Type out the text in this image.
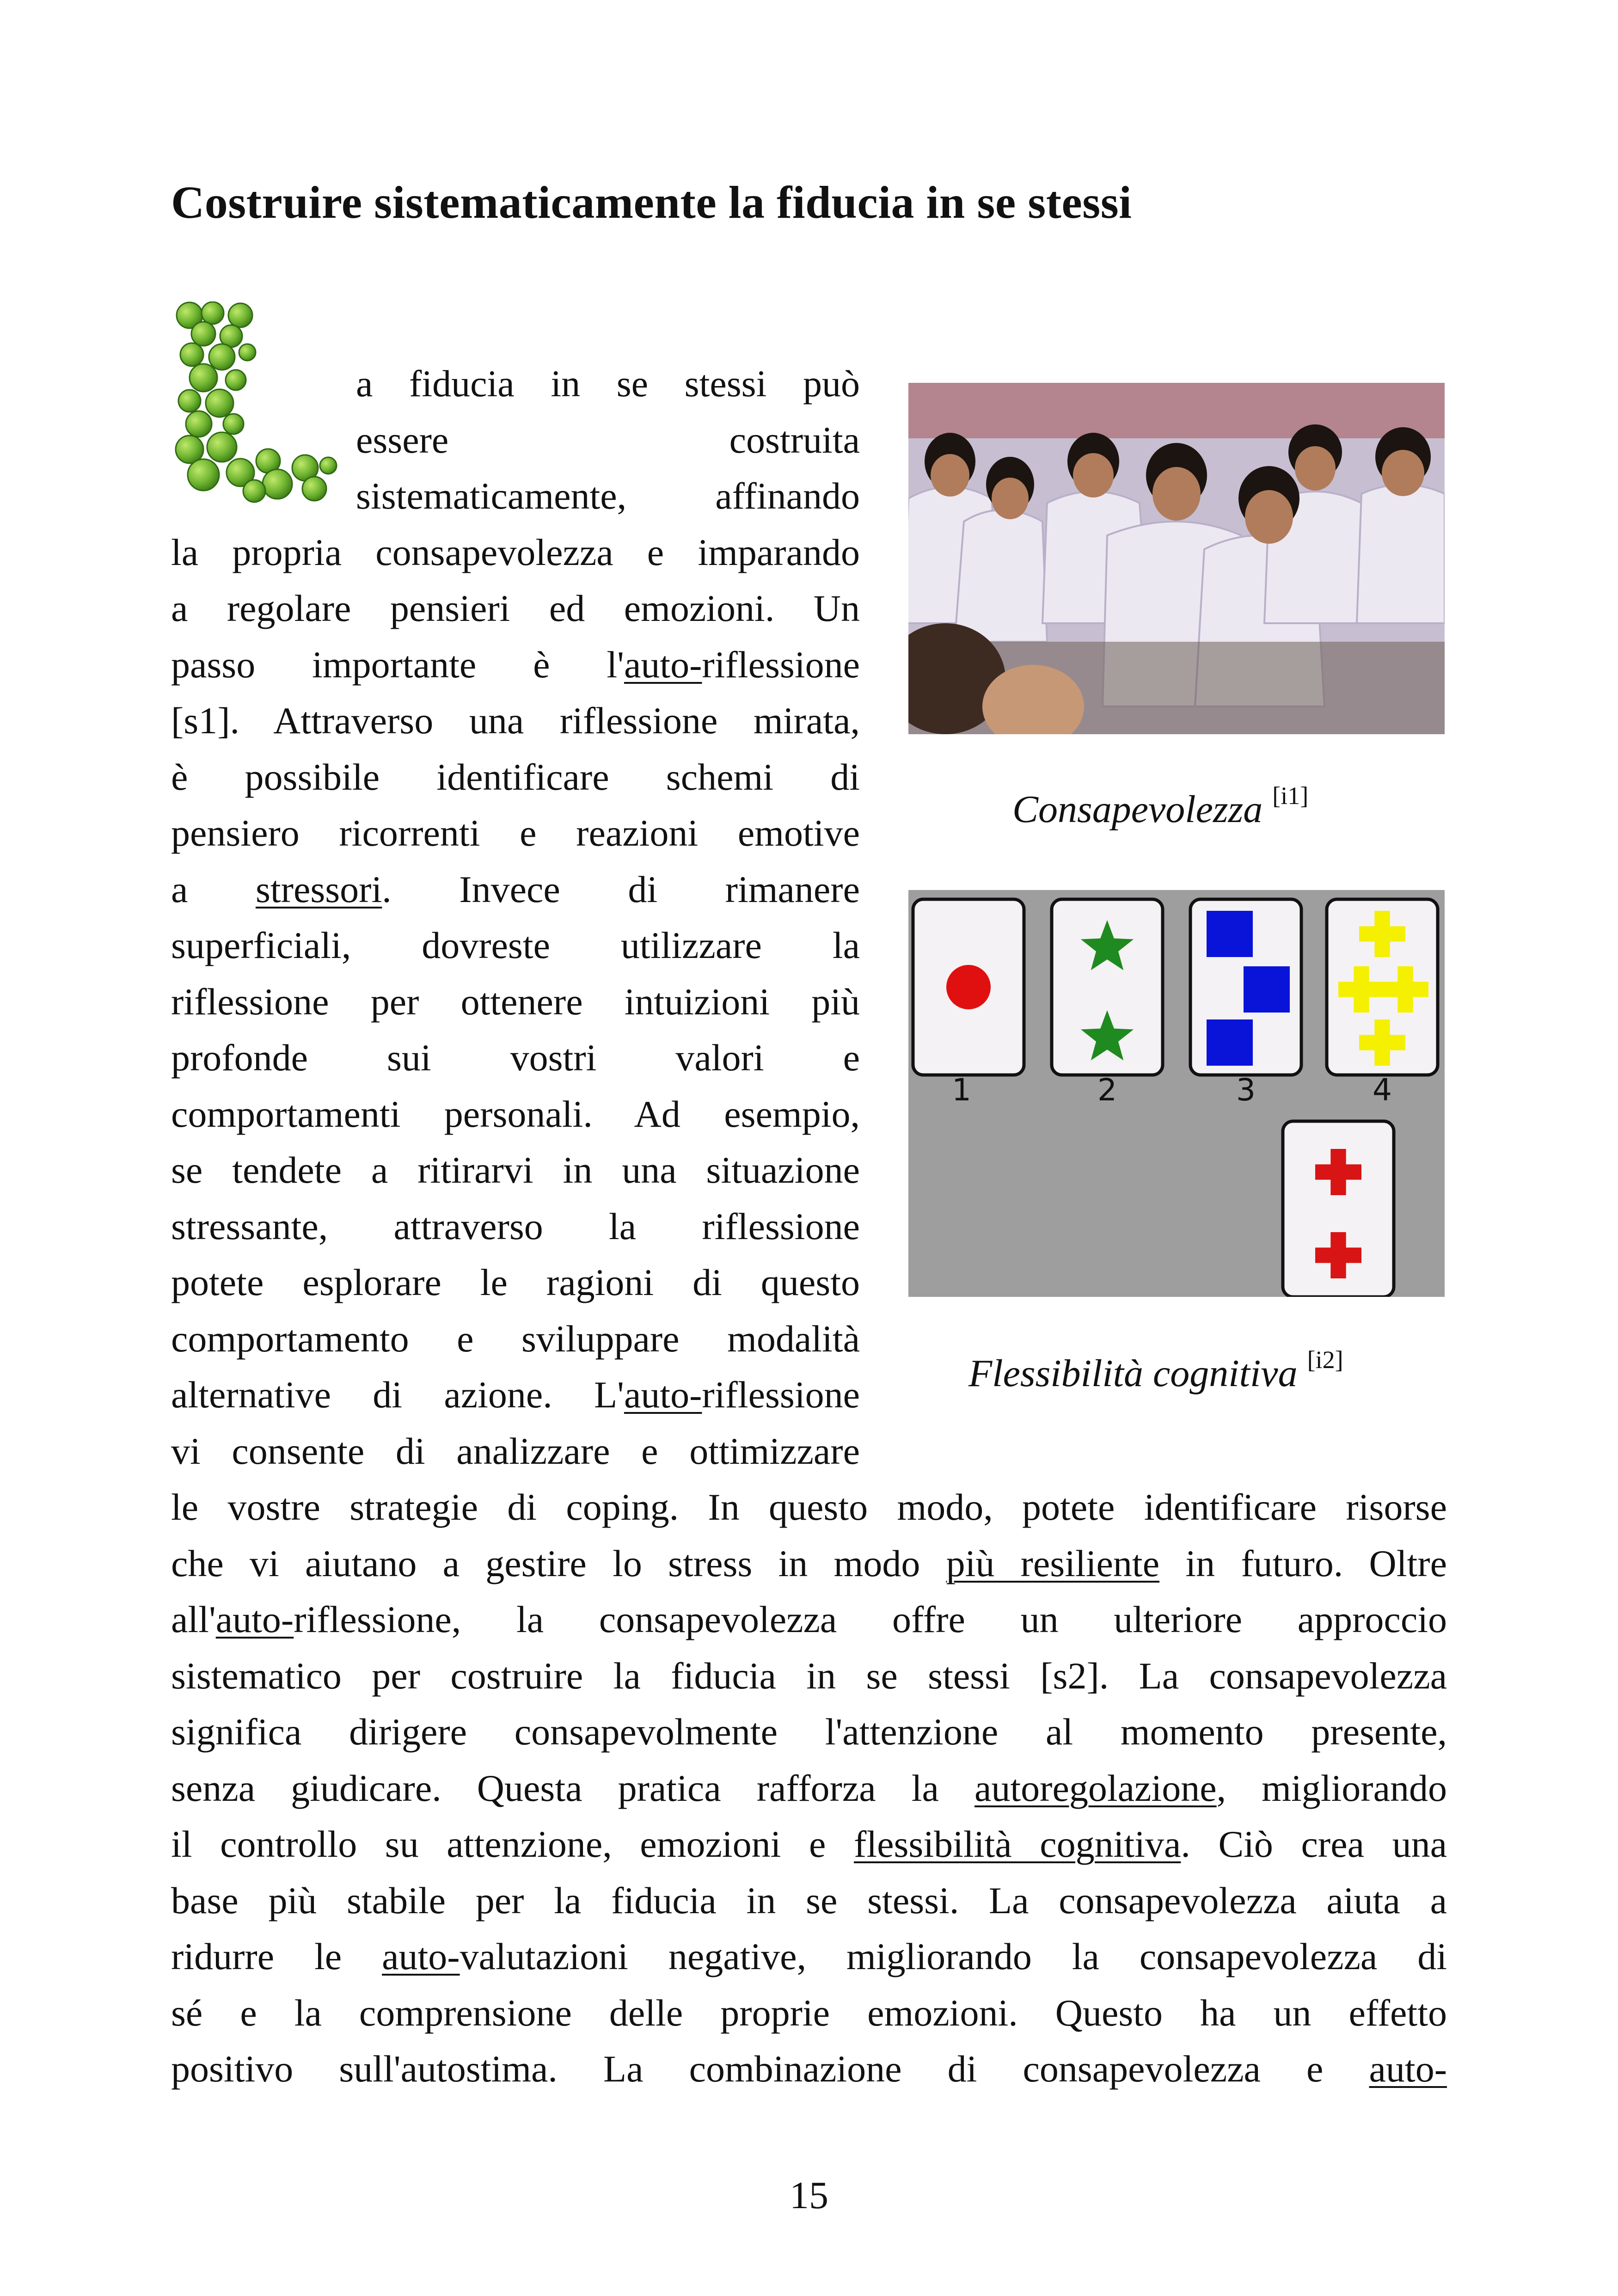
Costruire sistematicamente la fiducia in se stessi
L
a fiducia in se stessi può
essere costruita
sistematicamente, affinando
la propria consapevolezza e imparando
a regolare pensieri ed emozioni. Un
passo importante è l'auto-riflessione
[s1]. Attraverso una riflessione mirata,
è possibile identificare schemi di
pensiero ricorrenti e reazioni emotive
a stressori. Invece di rimanere
superficiali, dovreste utilizzare la
riflessione per ottenere intuizioni più
profonde sui vostri valori e
comportamenti personali. Ad esempio,
se tendete a ritirarvi in una situazione
stressante, attraverso la riflessione
potete esplorare le ragioni di questo
comportamento e sviluppare modalità
alternative di azione. L'auto-riflessione
vi consente di analizzare e ottimizzare
le vostre strategie di coping. In questo modo, potete identificare risorse
che vi aiutano a gestire lo stress in modo più resiliente in futuro. Oltre
all'auto-riflessione, la consapevolezza offre un ulteriore approccio
sistematico per costruire la fiducia in se stessi [s2]. La consapevolezza
significa dirigere consapevolmente l'attenzione al momento presente,
senza giudicare. Questa pratica rafforza la autoregolazione, migliorando
il controllo su attenzione, emozioni e flessibilità cognitiva. Ciò crea una
base più stabile per la fiducia in se stessi. La consapevolezza aiuta a
ridurre le auto-valutazioni negative, migliorando la consapevolezza di
sé e la comprensione delle proprie emozioni. Questo ha un effetto
positivo sull'autostima. La combinazione di consapevolezza e auto-
Consapevolezza [i1]
1	2	3	4
Flessibilità cognitiva [i2]
15
